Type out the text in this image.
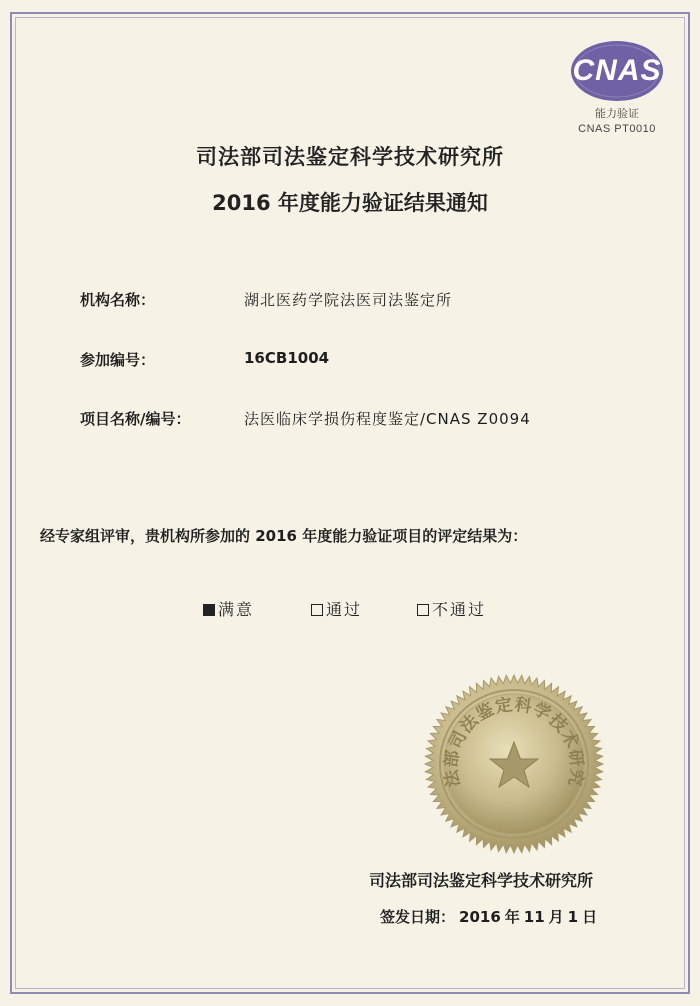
CNAS
能力验证
CNAS PT0010
司法部司法鉴定科学技术研究所
2016 年度能力验证结果通知
机构名称：	湖北医药学院法医司法鉴定所
参加编号：	16CB1004
项目名称/编号：	法医临床学损伤程度鉴定/CNAS Z0094
经专家组评审，贵机构所参加的 2016 年度能力验证项目的评定结果为：
满意	通过	不通过
法部司法鉴定科学技术研究
司法部司法鉴定科学技术研究所
签发日期： 2016 年 11 月 1 日
